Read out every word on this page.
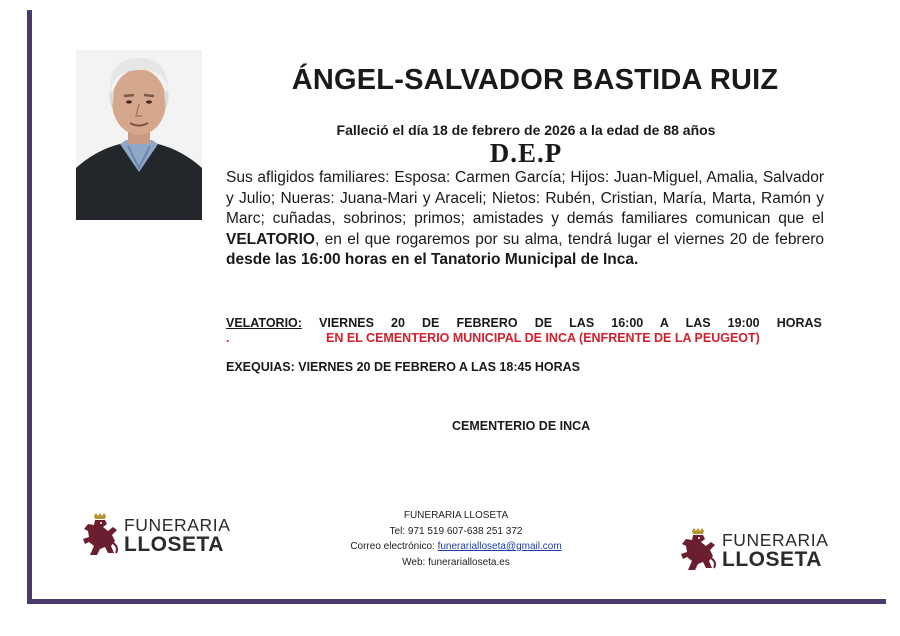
ÁNGEL-SALVADOR BASTIDA RUIZ
Falleció el día 18 de febrero de 2026 a la edad de 88 años
D.E.P
Sus afligidos familiares: Esposa: Carmen García; Hijos: Juan-Miguel, Amalia, Salvador y Julio; Nueras: Juana-Mari y Araceli; Nietos: Rubén, Cristian, María, Marta, Ramón y Marc; cuñadas, sobrinos; primos; amistades y demás familiares comunican que el VELATORIO, en el que rogaremos por su alma, tendrá lugar el viernes 20 de febrero desde las 16:00 horas en el Tanatorio Municipal de Inca.
VELATORIO: VIERNES 20 DE FEBRERO DE LAS 16:00 A LAS 19:00 HORAS
.	EN EL CEMENTERIO MUNICIPAL DE INCA (ENFRENTE DE LA PEUGEOT)
EXEQUIAS: VIERNES 20 DE FEBRERO A LAS 18:45 HORAS
CEMENTERIO DE INCA
FUNERARIA LLOSETA
Tel: 971 519 607-638 251 372
Correo electrónico: funerarialloseta@gmail.com
Web: funerarialloseta.es
FUNERARIA
LLOSETA	FUNERARIA
LLOSETA
